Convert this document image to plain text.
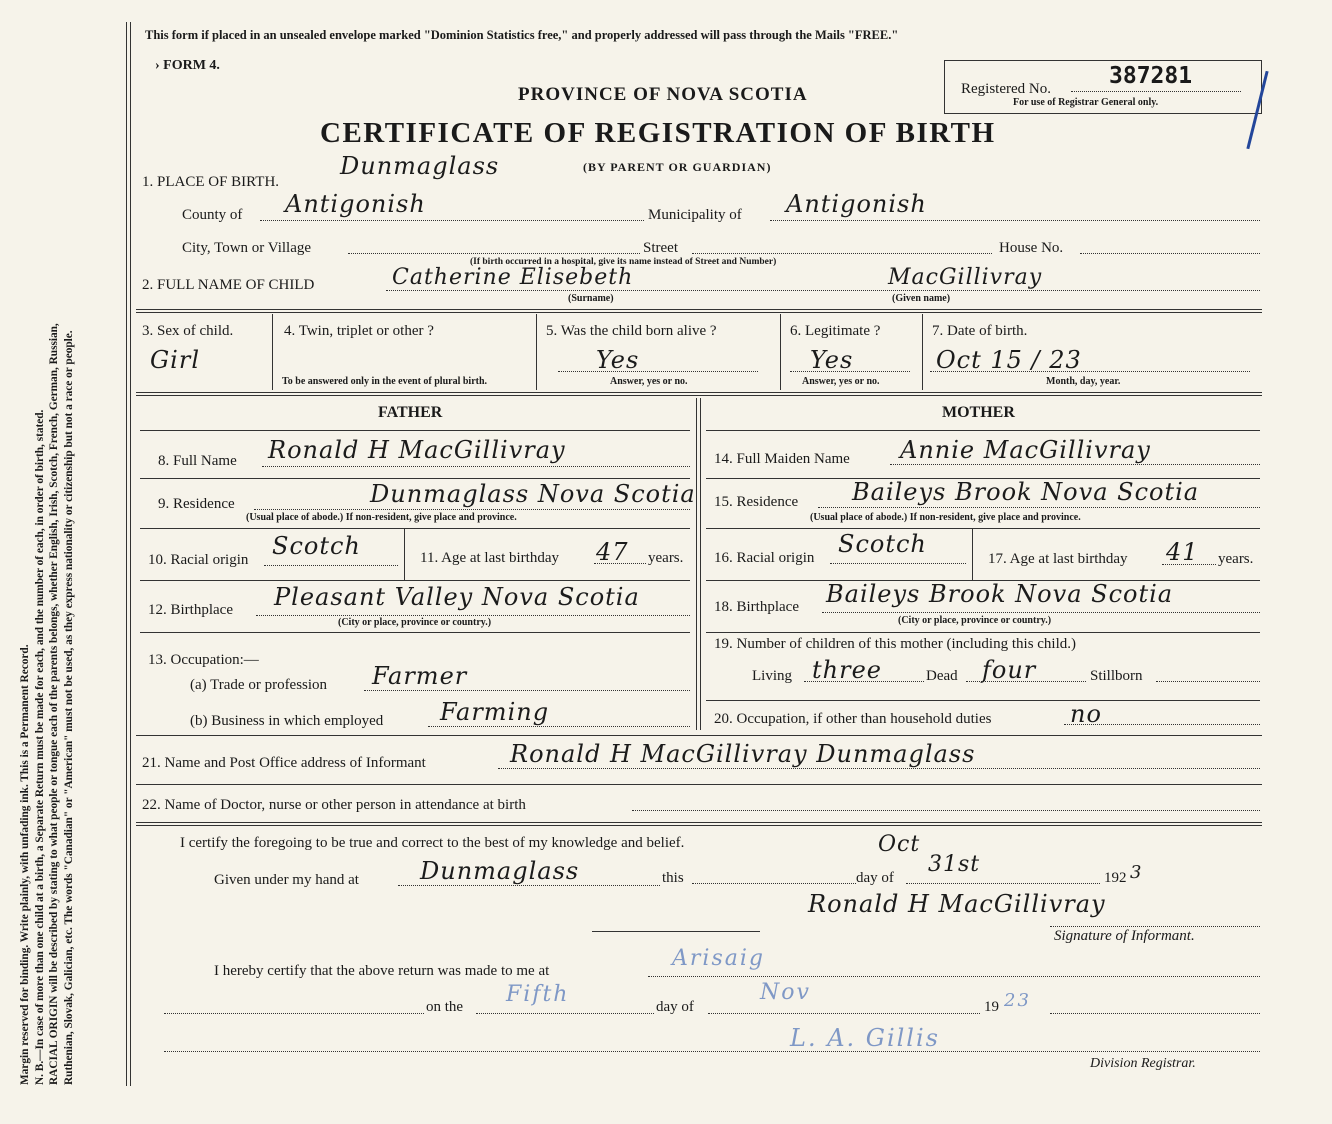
Margin reserved for binding. Write plainly, with unfading ink. This is a Permanent Record. N. B.—In case of more than one child at a birth, a Separate Return must be made for each, and the number of each, in order of birth, stated. RACIAL ORIGIN will be described by stating to what people or tongue each of the parents belongs, whether English, Irish, Scotch, French, German, Russian, Ruthenian, Slovak, Galician, etc. The words "Canadian" or "American" must not be used, as they express nationality or citizenship but not a race or people.
This form if placed in an unsealed envelope marked "Dominion Statistics free," and properly addressed will pass through the Mails "FREE."
› FORM 4.
PROVINCE OF NOVA SCOTIA
CERTIFICATE OF REGISTRATION OF BIRTH
(BY PARENT OR GUARDIAN)
Registered No.	387281
For use of Registrar General only.
1. PLACE OF BIRTH.
Dunmaglass
County of Antigonish	Municipality of Antigonish
City, Town or Village	Street	House No.
(If birth occurred in a hospital, give its name instead of Street and Number)
2. FULL NAME OF CHILD	Catherine Elisebeth	MacGillivray
(Surname)	(Given name)
3. Sex of child.
Girl
4. Twin, triplet or other ?
To be answered only in the event of plural birth.
5. Was the child born alive ?
Yes
Answer, yes or no.
6. Legitimate ?
Yes
Answer, yes or no.
7. Date of birth.
Oct 15 / 23
Month, day, year.
FATHER	MOTHER
8. Full Name Ronald H MacGillivray
9. Residence	Dunmaglass Nova Scotia
(Usual place of abode.) If non-resident, give place and province.
10. Racial origin Scotch	11. Age at last birthday 47 years.
12. Birthplace Pleasant Valley Nova Scotia
(City or place, province or country.)
13. Occupation:—
(a) Trade or profession Farmer
(b) Business in which employed Farming
14. Full Maiden Name Annie MacGillivray
15. Residence Baileys Brook Nova Scotia
(Usual place of abode.) If non-resident, give place and province.
16. Racial origin Scotch
17. Age at last birthday 41 years.
18. Birthplace Baileys Brook Nova Scotia
(City or place, province or country.)
19. Number of children of this mother (including this child.)
Living three	Dead four	Stillborn
20. Occupation, if other than household duties	no
21. Name and Post Office address of Informant	Ronald H MacGillivray Dunmaglass
22. Name of Doctor, nurse or other person in attendance at birth
I certify the foregoing to be true and correct to the best of my knowledge and belief.
Given under my hand at	Dunmaglass	this	day of
Oct
31st
192 3
Ronald H MacGillivray
Signature of Informant.
I hereby certify that the above return was made to me at	Arisaig
on the Fifth	day of
Nov
19 23
L. A. Gillis
Division Registrar.
